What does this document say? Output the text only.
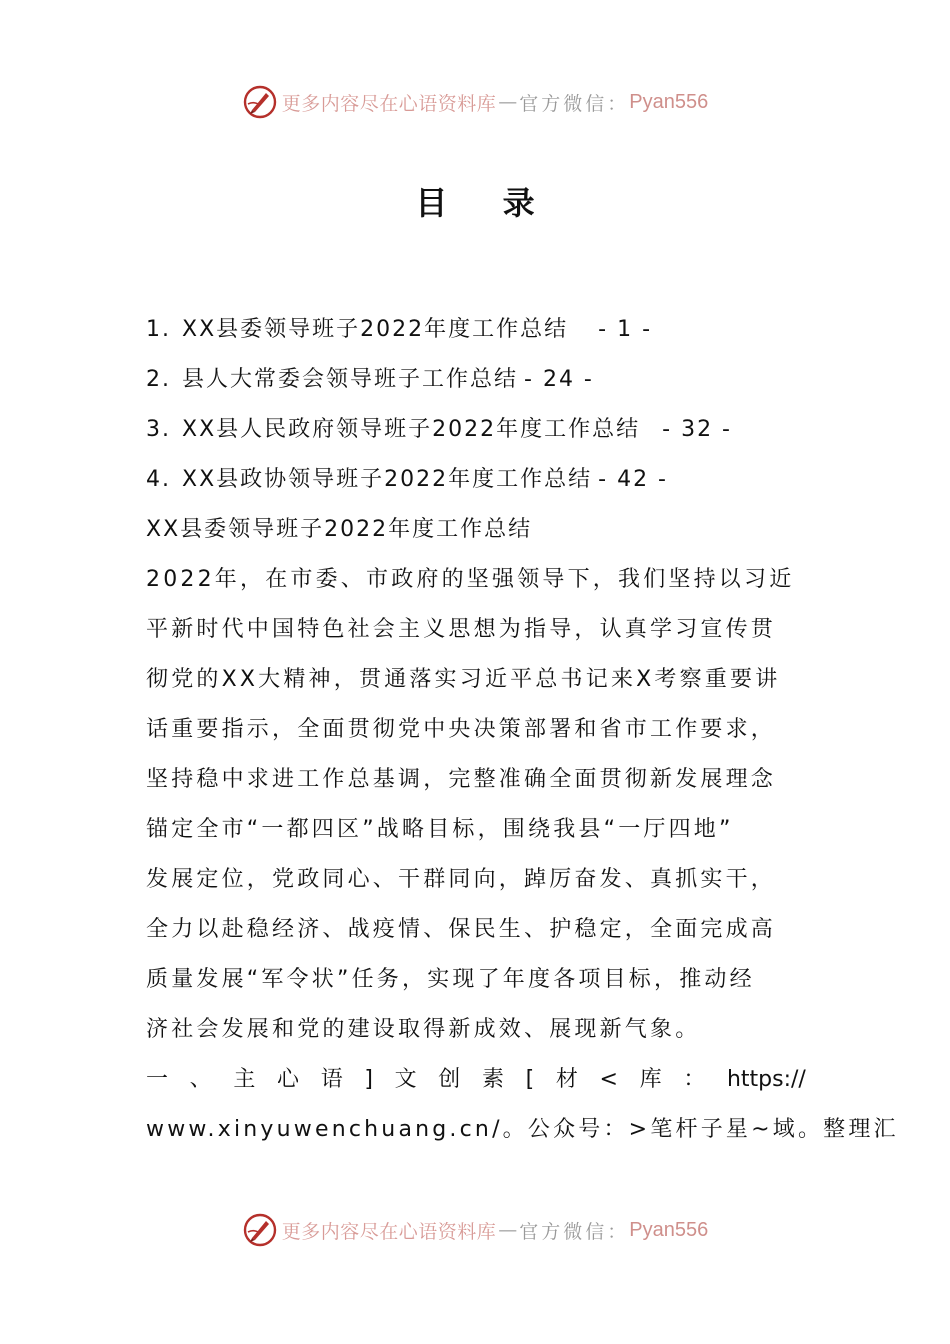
更多内容尽在心语资料库 — 官方微信： Pyan556
目 录
1. XX县委领导班子2022年度工作总结 - 1 -
2. 县人大常委会领导班子工作总结 - 24 -
3. XX县人民政府领导班子2022年度工作总结 - 32 -
4. XX县政协领导班子2022年度工作总结 - 42 -
XX县委领导班子2022年度工作总结
2022年，在市委、市政府的坚强领导下，我们坚持以习近
平新时代中国特色社会主义思想为指导，认真学习宣传贯
彻党的XX大精神，贯通落实习近平总书记来X考察重要讲
话重要指示，全面贯彻党中央决策部署和省市工作要求，
坚持稳中求进工作总基调，完整准确全面贯彻新发展理念
锚定全市“一都四区”战略目标，围绕我县“一厅四地”
发展定位，党政同心、干群同向，踔厉奋发、真抓实干，
全力以赴稳经济、战疫情、保民生、护稳定，全面完成高
质量发展“军令状”任务，实现了年度各项目标，推动经
济社会发展和党的建设取得新成效、展现新气象。
一 、 主 心 语 ] 文 创 素 [ 材 < 库 ： https://
www.xinyuwenchuang.cn/。公众号：>笔杆子星~域。整理汇
更多内容尽在心语资料库 — 官方微信： Pyan556
